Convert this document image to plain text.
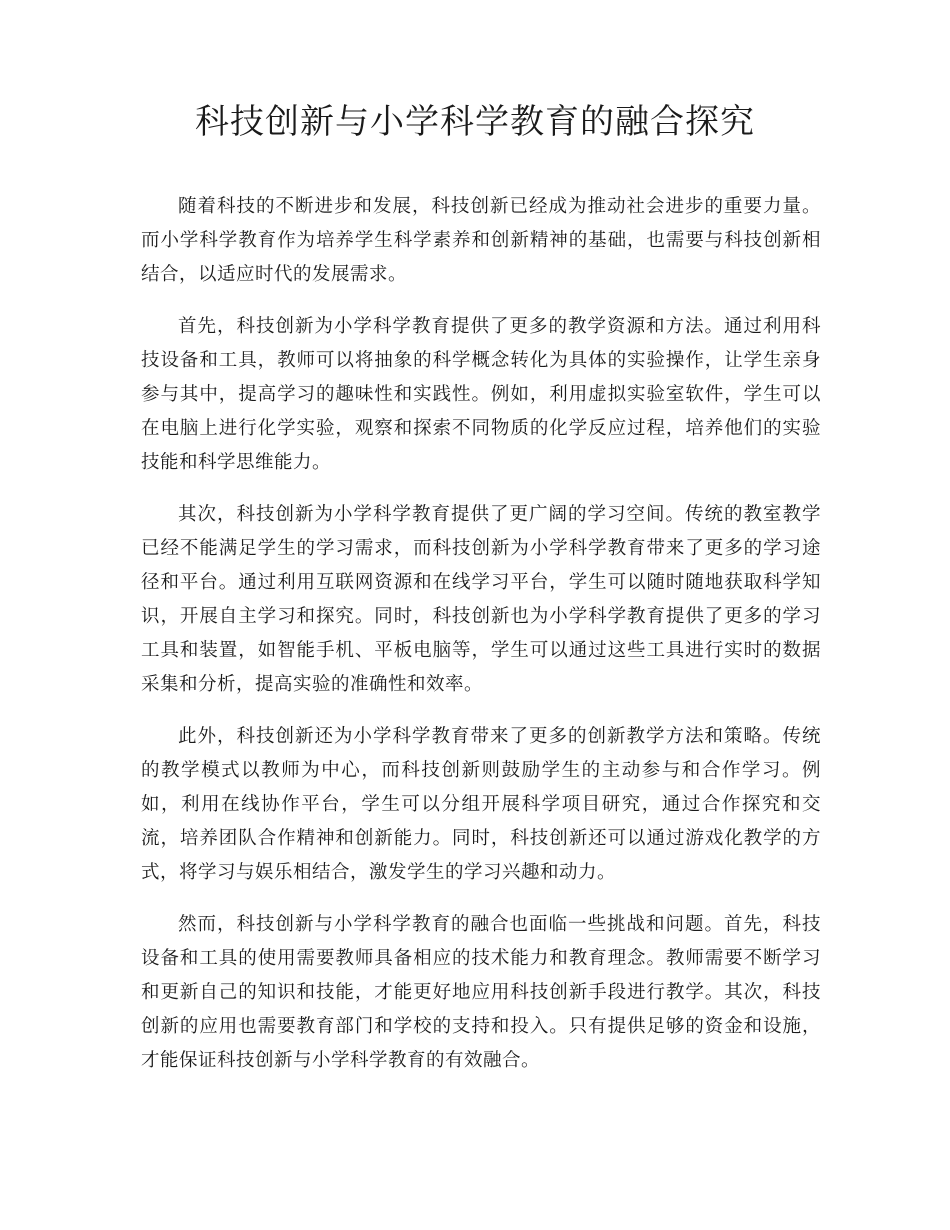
科技创新与小学科学教育的融合探究

随着科技的不断进步和发展，科技创新已经成为推动社会进步的重要力量。而小学科学教育作为培养学生科学素养和创新精神的基础，也需要与科技创新相结合，以适应时代的发展需求。

首先，科技创新为小学科学教育提供了更多的教学资源和方法。通过利用科技设备和工具，教师可以将抽象的科学概念转化为具体的实验操作，让学生亲身参与其中，提高学习的趣味性和实践性。例如，利用虚拟实验室软件，学生可以在电脑上进行化学实验，观察和探索不同物质的化学反应过程，培养他们的实验技能和科学思维能力。

其次，科技创新为小学科学教育提供了更广阔的学习空间。传统的教室教学已经不能满足学生的学习需求，而科技创新为小学科学教育带来了更多的学习途径和平台。通过利用互联网资源和在线学习平台，学生可以随时随地获取科学知识，开展自主学习和探究。同时，科技创新也为小学科学教育提供了更多的学习工具和装置，如智能手机、平板电脑等，学生可以通过这些工具进行实时的数据采集和分析，提高实验的准确性和效率。

此外，科技创新还为小学科学教育带来了更多的创新教学方法和策略。传统的教学模式以教师为中心，而科技创新则鼓励学生的主动参与和合作学习。例如，利用在线协作平台，学生可以分组开展科学项目研究，通过合作探究和交流，培养团队合作精神和创新能力。同时，科技创新还可以通过游戏化教学的方式，将学习与娱乐相结合，激发学生的学习兴趣和动力。

然而，科技创新与小学科学教育的融合也面临一些挑战和问题。首先，科技设备和工具的使用需要教师具备相应的技术能力和教育理念。教师需要不断学习和更新自己的知识和技能，才能更好地应用科技创新手段进行教学。其次，科技创新的应用也需要教育部门和学校的支持和投入。只有提供足够的资金和设施，才能保证科技创新与小学科学教育的有效融合。
